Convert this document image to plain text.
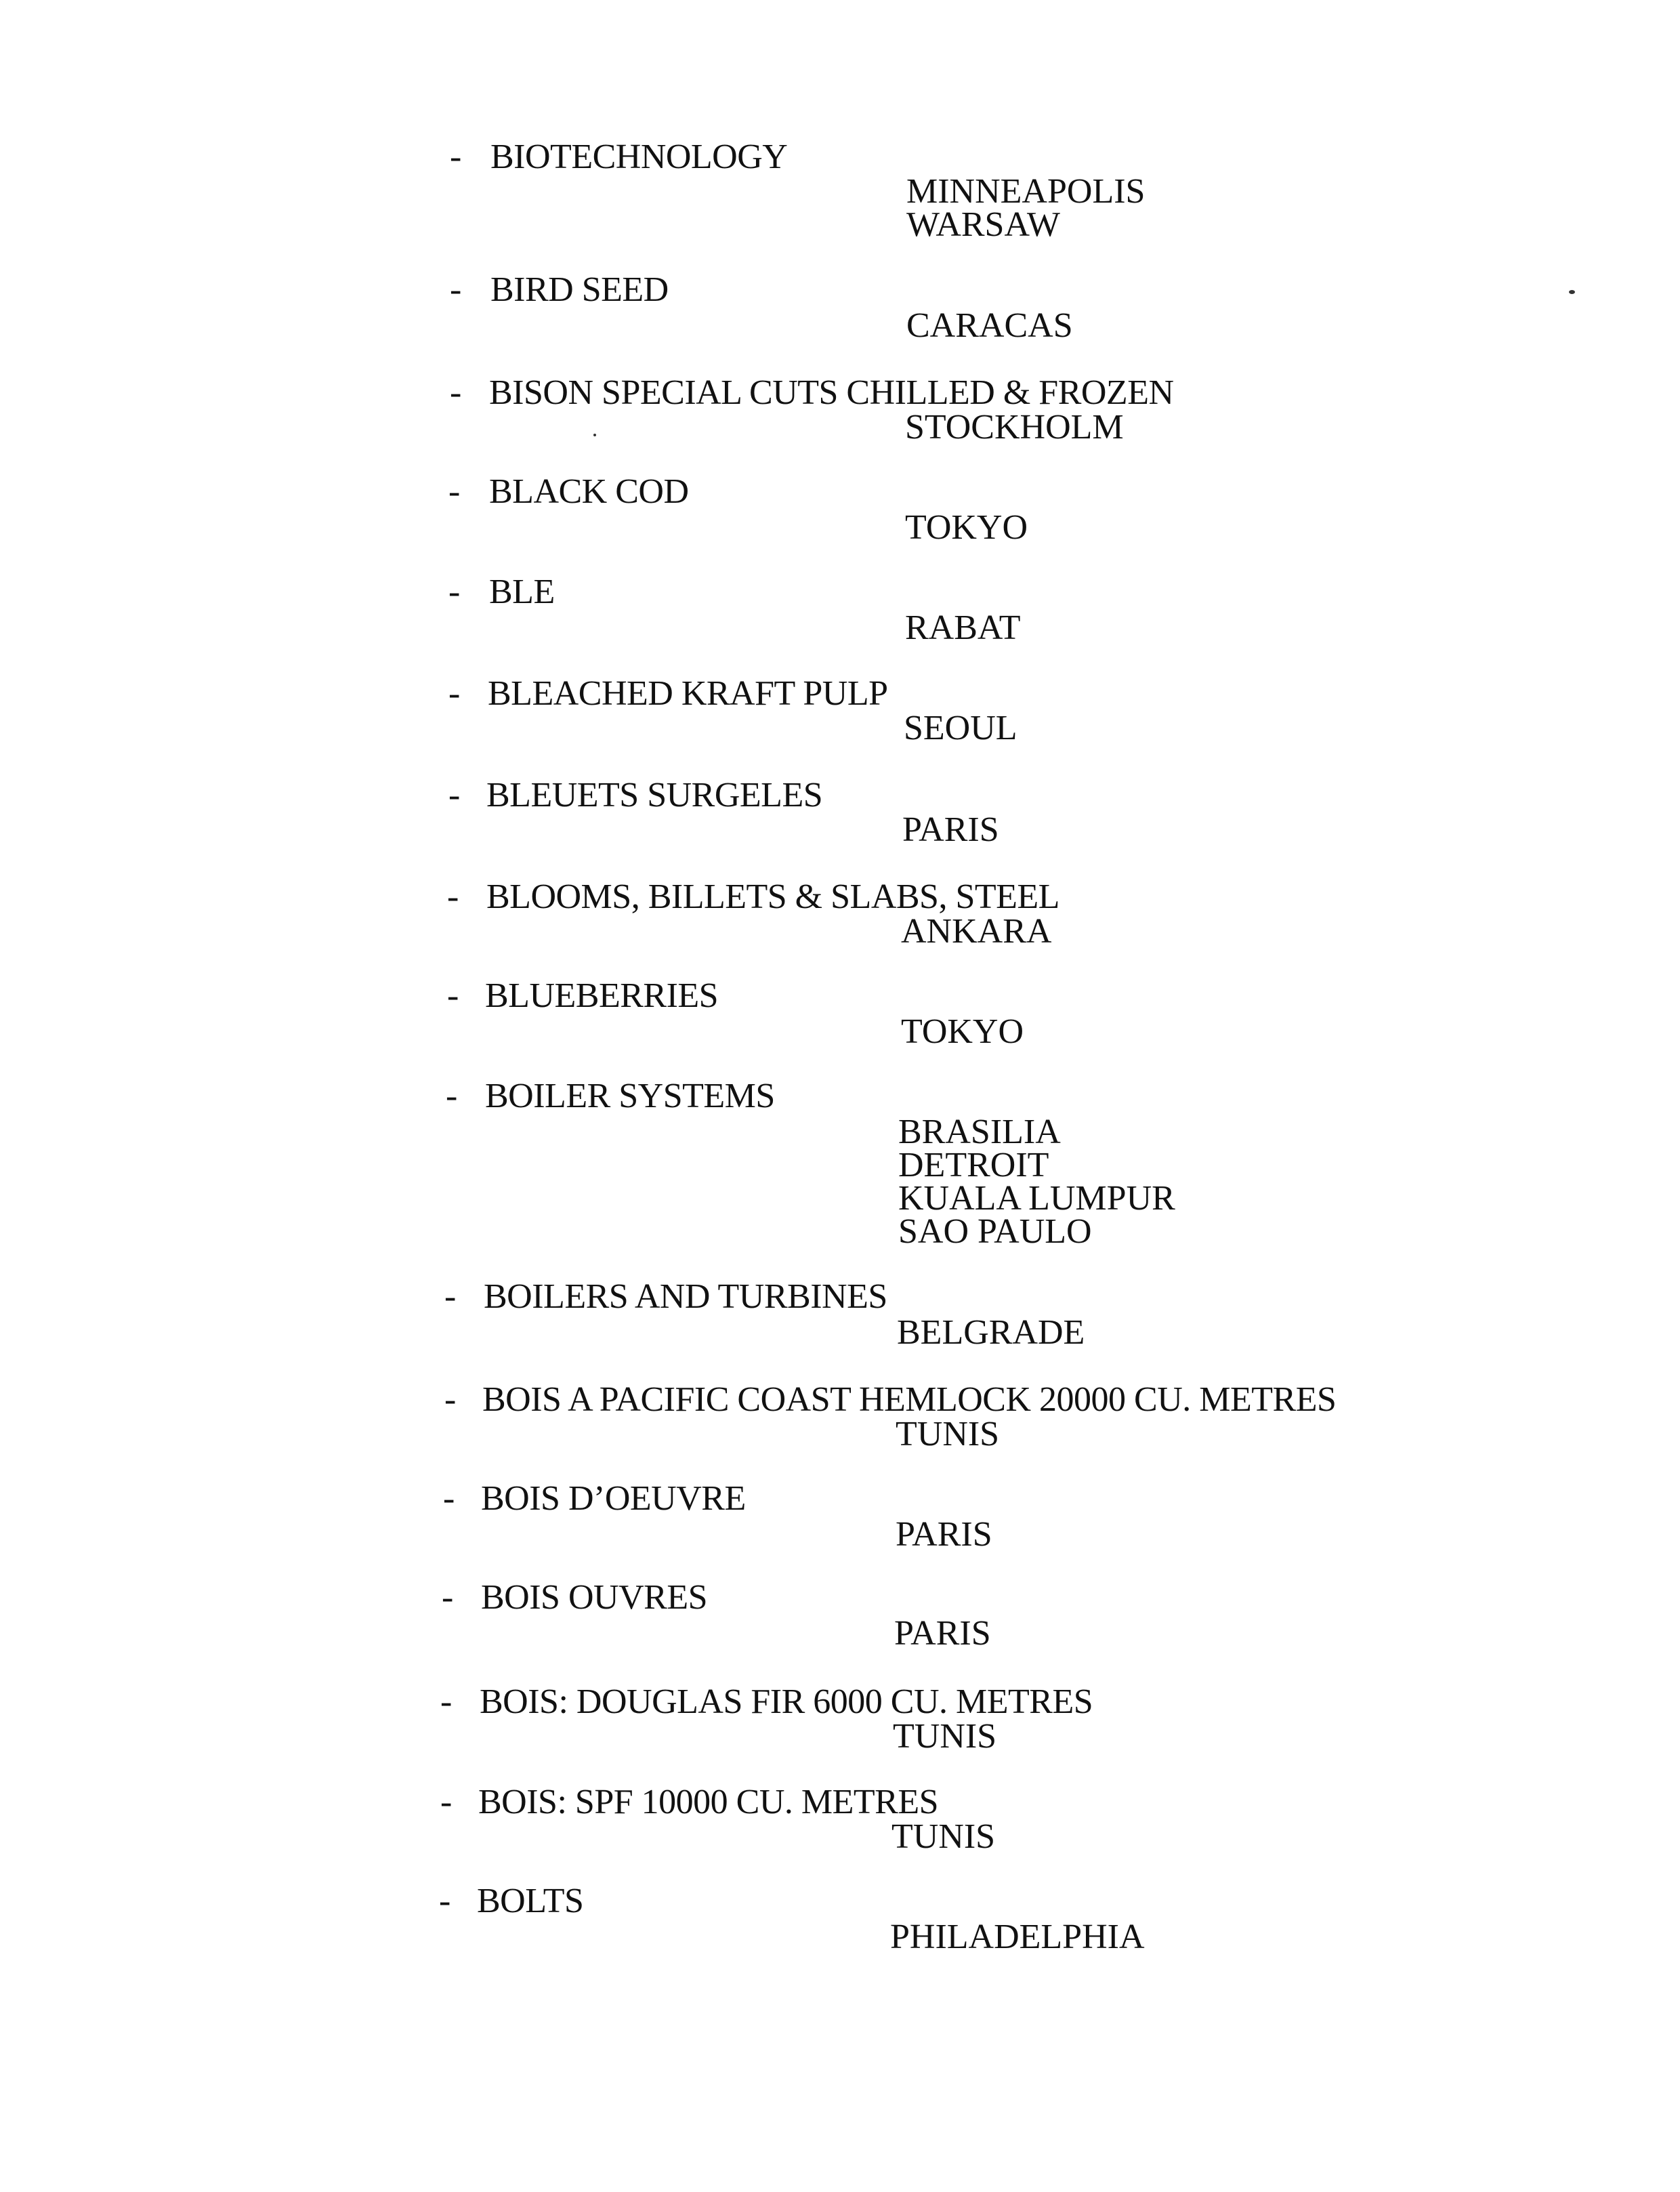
- BIOTECHNOLOGY
MINNEAPOLIS
WARSAW
- BIRD SEED
CARACAS
- BISON SPECIAL CUTS CHILLED & FROZEN
STOCKHOLM
- BLACK COD
TOKYO
- BLE
RABAT
- BLEACHED KRAFT PULP
SEOUL
- BLEUETS SURGELES
PARIS
- BLOOMS, BILLETS & SLABS, STEEL
ANKARA
- BLUEBERRIES
TOKYO
- BOILER SYSTEMS
BRASILIA
DETROIT
KUALA LUMPUR
SAO PAULO
- BOILERS AND TURBINES
BELGRADE
- BOIS A PACIFIC COAST HEMLOCK 20000 CU. METRES
TUNIS
- BOIS D’OEUVRE
PARIS
- BOIS OUVRES
PARIS
- BOIS: DOUGLAS FIR 6000 CU. METRES
TUNIS
- BOIS: SPF 10000 CU. METRES
TUNIS
- BOLTS
PHILADELPHIA
